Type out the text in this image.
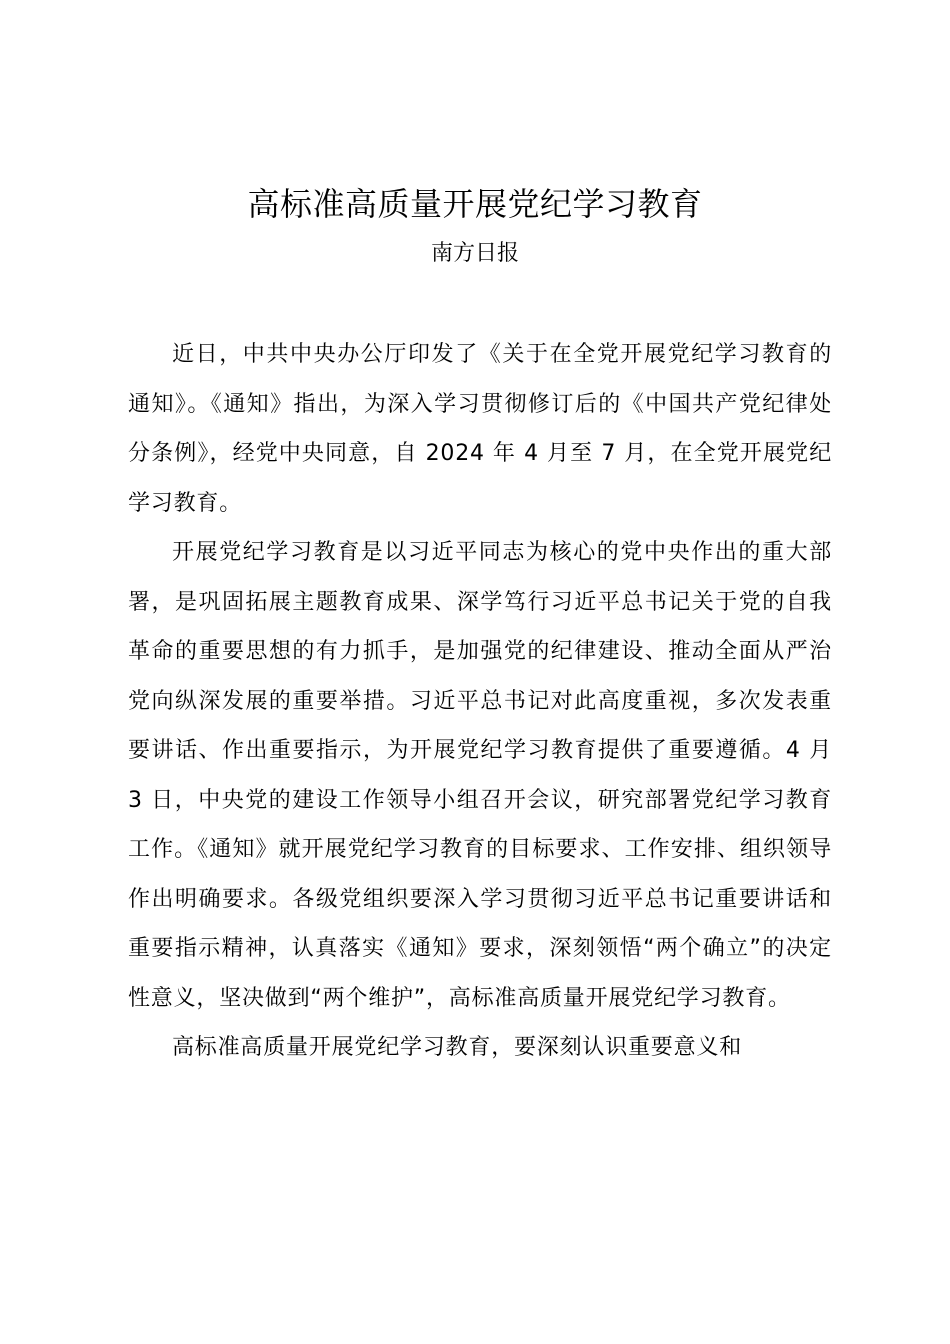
高标准高质量开展党纪学习教育
南方日报

近日，中共中央办公厅印发了《关于在全党开展党纪学习教育的通知》。《通知》指出，为深入学习贯彻修订后的《中国共产党纪律处分条例》，经党中央同意，自 2024 年 4 月至 7 月，在全党开展党纪学习教育。

开展党纪学习教育是以习近平同志为核心的党中央作出的重大部署，是巩固拓展主题教育成果、深学笃行习近平总书记关于党的自我革命的重要思想的有力抓手，是加强党的纪律建设、推动全面从严治党向纵深发展的重要举措。习近平总书记对此高度重视，多次发表重要讲话、作出重要指示，为开展党纪学习教育提供了重要遵循。4 月 3 日，中央党的建设工作领导小组召开会议，研究部署党纪学习教育工作。《通知》就开展党纪学习教育的目标要求、工作安排、组织领导作出明确要求。各级党组织要深入学习贯彻习近平总书记重要讲话和重要指示精神，认真落实《通知》要求，深刻领悟“两个确立”的决定性意义，坚决做到“两个维护”，高标准高质量开展党纪学习教育。

高标准高质量开展党纪学习教育，要深刻认识重要意义和
